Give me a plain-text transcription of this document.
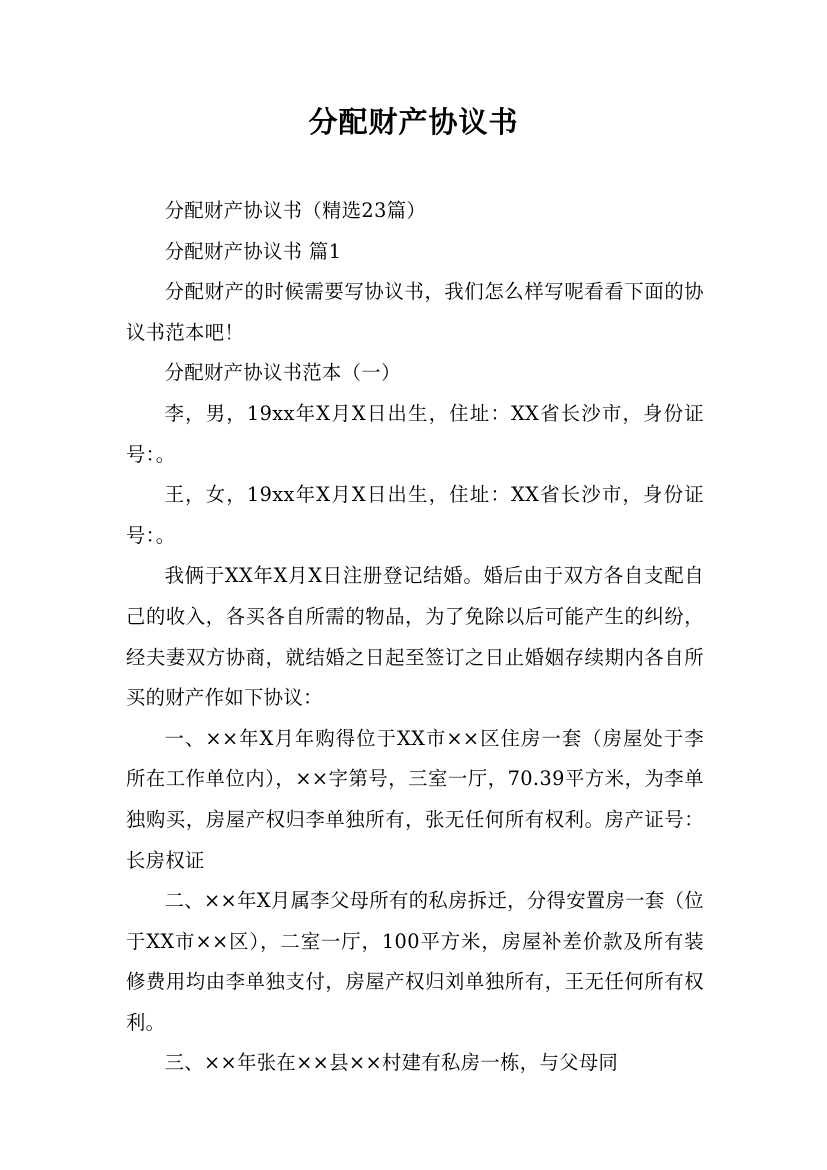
分配财产协议书

分配财产协议书（精选23篇）

分配财产协议书 篇1

分配财产的时候需要写协议书，我们怎么样写呢看看下面的协议书范本吧！

分配财产协议书范本（一）

李，男，19xx年X月X日出生，住址：XX省长沙市，身份证号：。

王，女，19xx年X月X日出生，住址：XX省长沙市，身份证号：。

我俩于XX年X月X日注册登记结婚。婚后由于双方各自支配自己的收入，各买各自所需的物品，为了免除以后可能产生的纠纷，经夫妻双方协商，就结婚之日起至签订之日止婚姻存续期内各自所买的财产作如下协议：

一、××年X月年购得位于XX市××区住房一套（房屋处于李所在工作单位内），××字第号，三室一厅，70.39平方米，为李单独购买，房屋产权归李单独所有，张无任何所有权利。房产证号：长房权证

二、××年X月属李父母所有的私房拆迁，分得安置房一套（位于XX市××区），二室一厅，100平方米，房屋补差价款及所有装修费用均由李单独支付，房屋产权归刘单独所有，王无任何所有权利。

三、××年张在××县××村建有私房一栋，与父母同
